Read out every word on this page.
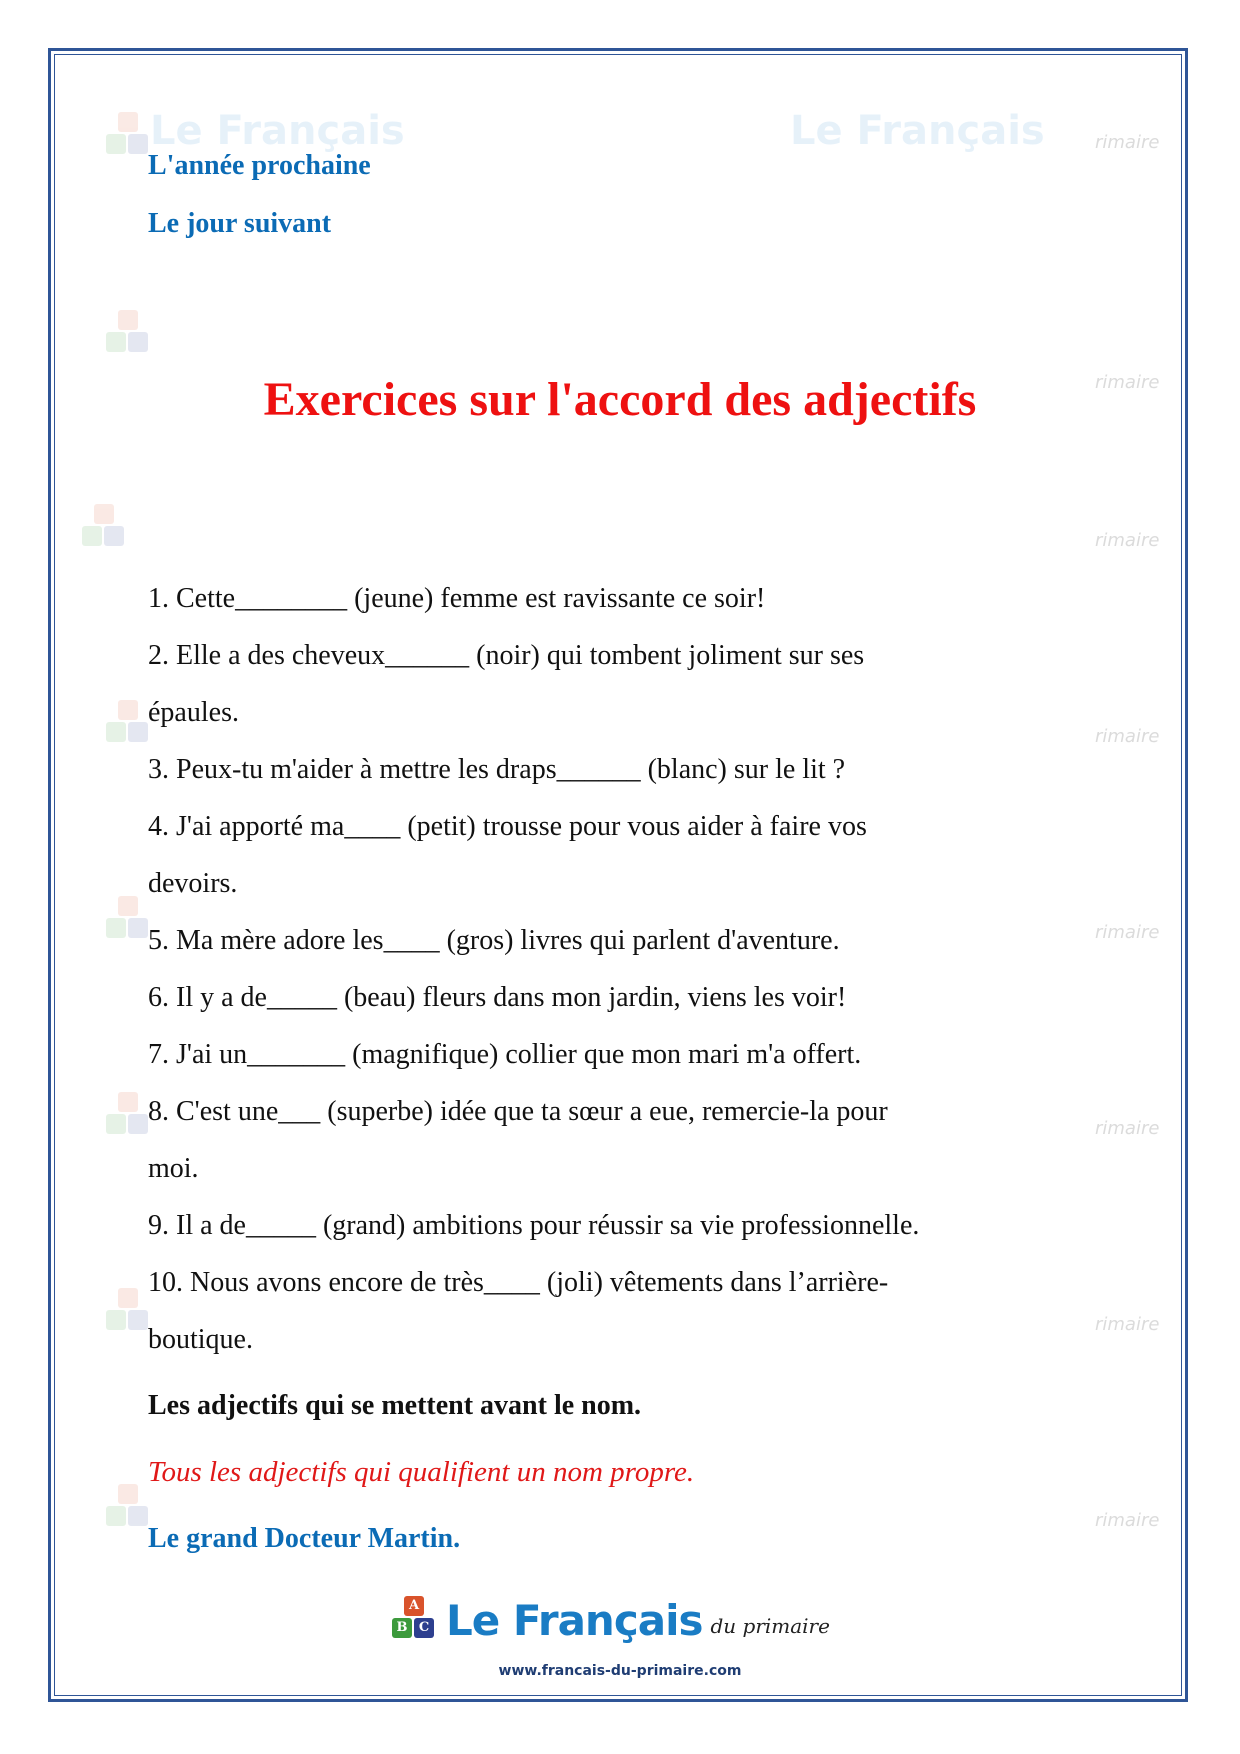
Le Français	Le Français	rimaire
rimaire
rimaire
rimaire
rimaire
rimaire
rimaire
rimaire
L'année prochaine
Le jour suivant
Exercices sur l'accord des adjectifs
1. Cette________ (jeune) femme est ravissante ce soir!
2. Elle a des cheveux______ (noir) qui tombent joliment sur ses
épaules.
3. Peux-tu m'aider à mettre les draps______ (blanc) sur le lit ?
4. J'ai apporté ma____ (petit) trousse pour vous aider à faire vos
devoirs.
5. Ma mère adore les____ (gros) livres qui parlent d'aventure.
6. Il y a de_____ (beau) fleurs dans mon jardin, viens les voir!
7. J'ai un_______ (magnifique) collier que mon mari m'a offert.
8. C'est une___ (superbe) idée que ta sœur a eue, remercie-la pour
moi.
9. Il a de_____ (grand) ambitions pour réussir sa vie professionnelle.
10. Nous avons encore de très____ (joli) vêtements dans l’arrière-
boutique.
Les adjectifs qui se mettent avant le nom.
Tous les adjectifs qui qualifient un nom propre.
Le grand Docteur Martin.
A
B C Le Français du primaire
www.francais-du-primaire.com
